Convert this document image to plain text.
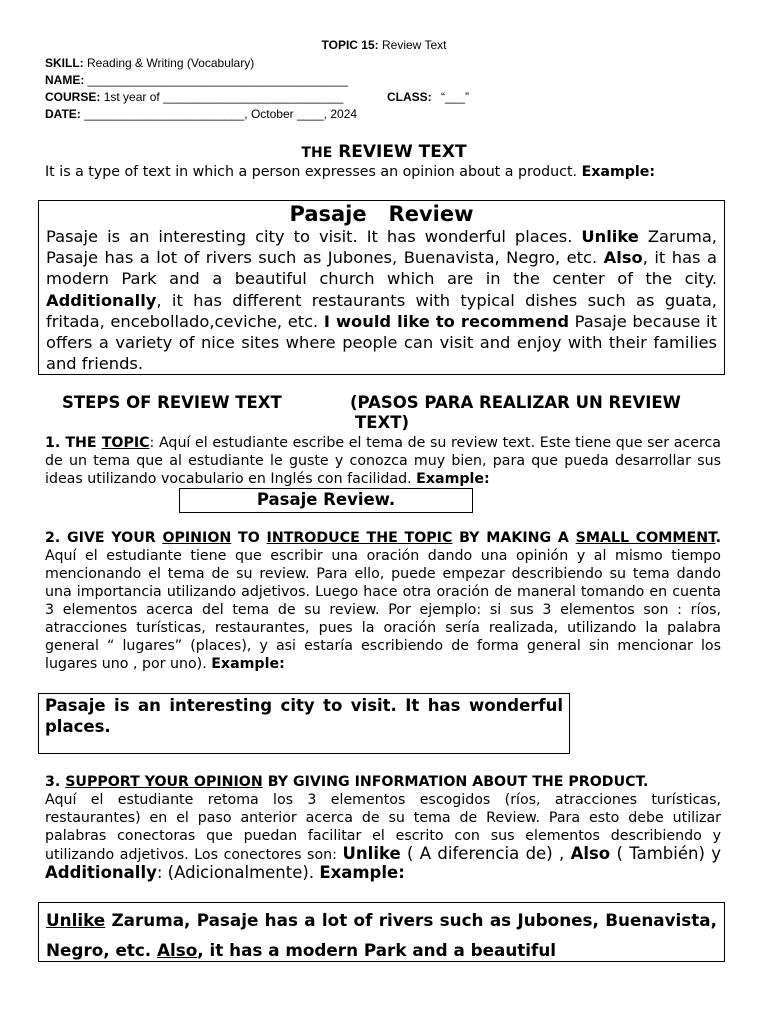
TOPIC 15: Review Text
SKILL: Reading & Writing (Vocabulary)
NAME: _______________________________________
COURSE: 1st year of ___________________________	CLASS: “___”
DATE: ________________________, October ____, 2024
THE REVIEW TEXT
It is a type of text in which a person expresses an opinion about a product. Example:
Pasaje   Review
Pasaje is an interesting city to visit. It has wonderful places. Unlike Zaruma, Pasaje has a lot of rivers such as Jubones, Buenavista, Negro, etc. Also, it has a modern Park and a beautiful church which are in the center of the city. Additionally, it has different restaurants with typical dishes such as guata, fritada, encebollado,ceviche, etc. I would like to recommend Pasaje because it offers a variety of nice sites where people can visit and enjoy with their families and friends.
STEPS OF REVIEW TEXT	(PASOS PARA REALIZAR UN REVIEW
TEXT)
1. THE TOPIC: Aquí el estudiante escribe el tema de su review text. Este tiene que ser acerca de un tema que al estudiante le guste y conozca muy bien, para que pueda desarrollar sus ideas utilizando vocabulario en Inglés con facilidad. Example:
Pasaje Review.
2. GIVE YOUR OPINION TO INTRODUCE THE TOPIC BY MAKING A SMALL COMMENT. Aquí el estudiante tiene que escribir una oración dando una opinión y al mismo tiempo mencionando el tema de su review. Para ello, puede empezar describiendo su tema dando una importancia utilizando adjetivos. Luego hace otra oración de maneral tomando en cuenta 3 elementos acerca del tema de su review. Por ejemplo: si sus 3 elementos son : ríos, atracciones turísticas, restaurantes, pues la oración sería realizada, utilizando la palabra general “ lugares” (places), y asi estaría escribiendo de forma general sin mencionar los lugares uno , por uno). Example:
Pasaje is an interesting city to visit. It has wonderful places.
3. SUPPORT YOUR OPINION BY GIVING INFORMATION ABOUT THE PRODUCT.
Aquí el estudiante retoma los 3 elementos escogidos (ríos, atracciones turísticas, restaurantes) en el paso anterior acerca de su tema de Review. Para esto debe utilizar palabras conectoras que puedan facilitar el escrito con sus elementos describiendo y utilizando adjetivos. Los conectores son: Unlike ( A diferencia de) , Also ( También) y Additionally: (Adicionalmente). Example:
Unlike Zaruma, Pasaje has a lot of rivers such as Jubones, Buenavista, Negro, etc. Also, it has a modern Park and a beautiful
